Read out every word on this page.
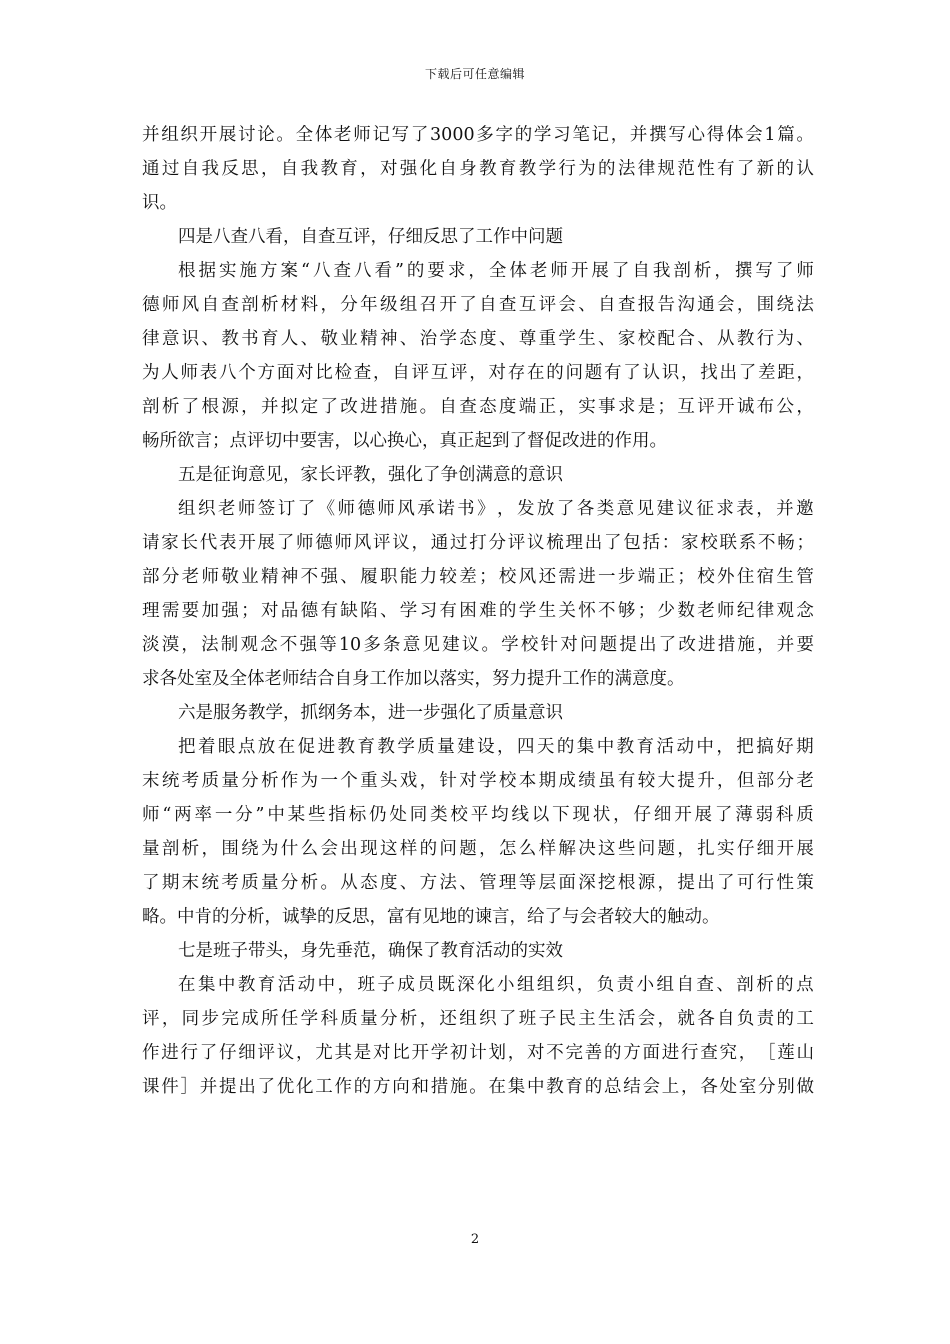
下载后可任意编辑
并 组 织 开 展 讨 论 。 全 体 老 师 记 写 了 3000 多 字 的 学 习 笔 记 ， 并 撰 写 心 得 体 会 1 篇 。
通 过 自 我 反 思 ， 自 我 教 育 ， 对 强 化 自 身 教 育 教 学 行 为 的 法 律 规 范 性 有 了 新 的 认
识。
四是八查八看，自查互评，仔细反思了工作中问题
根 据 实 施 方 案 “ 八 查 八 看 ” 的 要 求 ， 全 体 老 师 开 展 了 自 我 剖 析 ， 撰 写 了 师
德 师 风 自 查 剖 析 材 料 ， 分 年 级 组 召 开 了 自 查 互 评 会 、 自 查 报 告 沟 通 会 ， 围 绕 法
律 意 识 、 教 书 育 人 、 敬 业 精 神 、 治 学 态 度 、 尊 重 学 生 、 家 校 配 合 、 从 教 行 为 、
为 人 师 表 八 个 方 面 对 比 检 查 ， 自 评 互 评 ， 对 存 在 的 问 题 有 了 认 识 ， 找 出 了 差 距 ，
剖 析 了 根 源 ， 并 拟 定 了 改 进 措 施 。 自 查 态 度 端 正 ， 实 事 求 是 ； 互 评 开 诚 布 公 ，
畅所欲言；点评切中要害，以心换心，真正起到了督促改进的作用。
五是征询意见，家长评教，强化了争创满意的意识
组 织 老 师 签 订 了 《 师 德 师 风 承 诺 书 》 ， 发 放 了 各 类 意 见 建 议 征 求 表 ， 并 邀
请 家 长 代 表 开 展 了 师 德 师 风 评 议 ， 通 过 打 分 评 议 梳 理 出 了 包 括 ： 家 校 联 系 不 畅 ；
部 分 老 师 敬 业 精 神 不 强 、 履 职 能 力 较 差 ； 校 风 还 需 进 一 步 端 正 ； 校 外 住 宿 生 管
理 需 要 加 强 ； 对 品 德 有 缺 陷 、 学 习 有 困 难 的 学 生 关 怀 不 够 ； 少 数 老 师 纪 律 观 念
淡 漠 ， 法 制 观 念 不 强 等 10 多 条 意 见 建 议 。 学 校 针 对 问 题 提 出 了 改 进 措 施 ， 并 要
求各处室及全体老师结合自身工作加以落实，努力提升工作的满意度。
六是服务教学，抓纲务本，进一步强化了质量意识
把 着 眼 点 放 在 促 进 教 育 教 学 质 量 建 设 ， 四 天 的 集 中 教 育 活 动 中 ， 把 搞 好 期
末 统 考 质 量 分 析 作 为 一 个 重 头 戏 ， 针 对 学 校 本 期 成 绩 虽 有 较 大 提 升 ， 但 部 分 老
师 “ 两 率 一 分 ” 中 某 些 指 标 仍 处 同 类 校 平 均 线 以 下 现 状 ， 仔 细 开 展 了 薄 弱 科 质
量 剖 析 ， 围 绕 为 什 么 会 出 现 这 样 的 问 题 ， 怎 么 样 解 决 这 些 问 题 ， 扎 实 仔 细 开 展
了 期 末 统 考 质 量 分 析 。 从 态 度 、 方 法 、 管 理 等 层 面 深 挖 根 源 ， 提 出 了 可 行 性 策
略。中肯的分析，诚挚的反思，富有见地的谏言，给了与会者较大的触动。
七是班子带头，身先垂范，确保了教育活动的实效
在 集 中 教 育 活 动 中 ， 班 子 成 员 既 深 化 小 组 组 织 ， 负 责 小 组 自 查 、 剖 析 的 点
评 ， 同 步 完 成 所 任 学 科 质 量 分 析 ， 还 组 织 了 班 子 民 主 生 活 会 ， 就 各 自 负 责 的 工
作 进 行 了 仔 细 评 议 ， 尤 其 是 对 比 开 学 初 计 划 ， 对 不 完 善 的 方 面 进 行 查 究 ， ［ 莲 山
课 件 ］ 并 提 出 了 优 化 工 作 的 方 向 和 措 施 。 在 集 中 教 育 的 总 结 会 上 ， 各 处 室 分 别 做
2
